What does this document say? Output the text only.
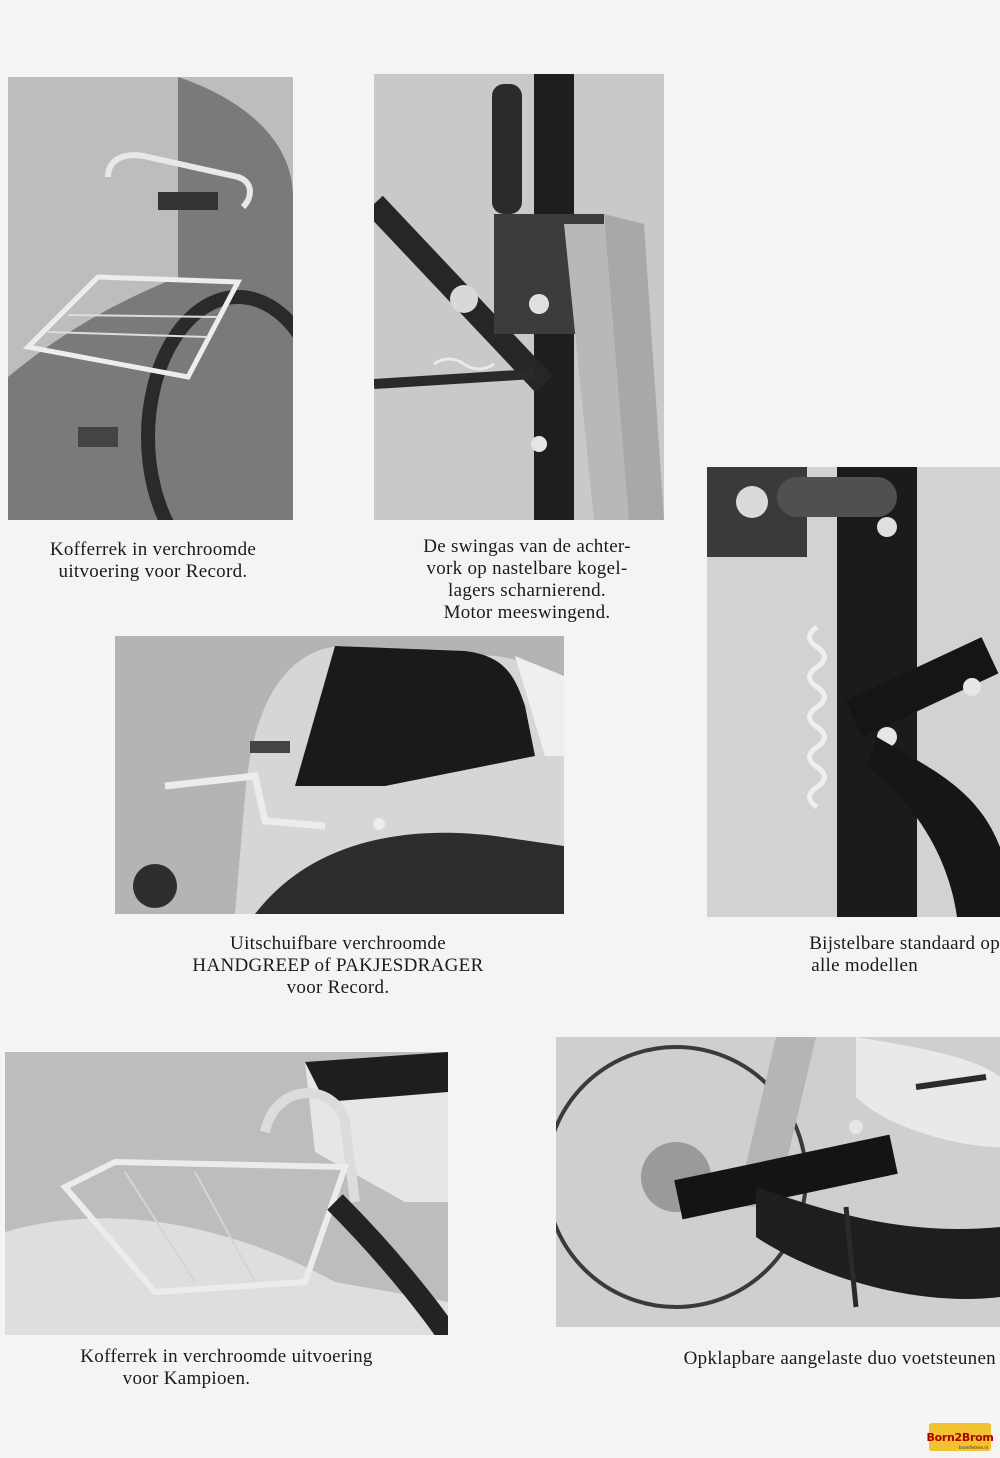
Kofferrek in verchroomde
uitvoering voor Record.
De swingas van de achter-
vork op nastelbare kogel-
lagers scharnierend.
Motor meeswingend.
Uitschuifbare verchroomde
HANDGREEP of PAKJESDRAGER
voor Record.
Bijstelbare standaard op
alle modellen
Kofferrek in verchroomde uitvoering
voor Kampioen.
Opklapbare aangelaste duo voetsteunen
Born2Brom
bromfietsen.nl
